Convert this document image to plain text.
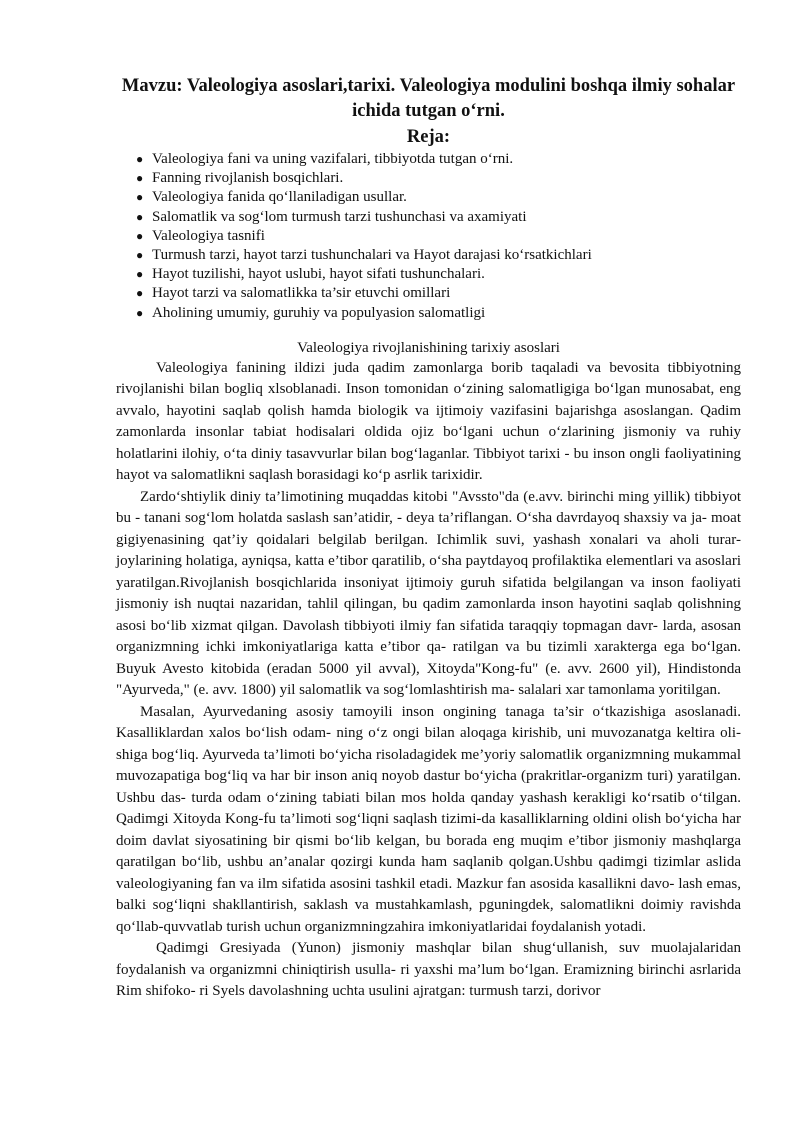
Mavzu: Valeologiya asoslari,tarixi. Valeologiya modulini boshqa ilmiy sohalar ichida tutgan o‘rni.
Reja:
● Valeologiya fani va uning vazifalari, tibbiyotda tutgan o‘rni.
● Fanning rivojlanish bosqichlari.
● Valeologiya fanida qo‘llaniladigan usullar.
● Salomatlik va sog‘lom turmush tarzi tushunchasi va axamiyati
● Valeologiya tasnifi
● Turmush tarzi, hayot tarzi tushunchalari va Hayot darajasi ko‘rsatkichlari
● Hayot tuzilishi, hayot uslubi, hayot sifati tushunchalari.
● Hayot tarzi va salomatlikka ta’sir etuvchi omillari
● Aholining umumiy, guruhiy va populyasion salomatligi
Valeologiya rivojlanishining tarixiy asoslari

Valeologiya fanining ildizi juda qadim zamonlarga borib taqaladi va bevosita tibbiyotning rivojlanishi bilan bogliq xlsoblanadi. Inson tomonidan o‘zining salomatligiga bo‘lgan munosabat, eng avvalo, hayotini saqlab qolish hamda biologik va ijtimoiy vazifasini bajarishga asoslangan. Qadim zamonlarda insonlar tabiat hodisalari oldida ojiz bo‘lgani uchun o‘zlarining jismoniy va ruhiy holatlarini ilohiy, o‘ta diniy tasavvurlar bilan bog‘laganlar. Tibbiyot tarixi - bu inson ongli faoliyatining hayot va salomatlikni saqlash borasidagi ko‘p asrlik tarixidir.

Zardo‘shtiylik diniy ta’limotining muqaddas kitobi "Avssto"da (e.avv. birinchi ming yillik) tibbiyot bu - tanani sog‘lom holatda saslash san’atidir, - deya ta’riflangan. O‘sha davrdayoq shaxsiy va ja- moat gigiyenasining qat’iy qoidalari belgilab berilgan. Ichimlik suvi, yashash xonalari va aholi turar-joylarining holatiga, ayniqsa, katta e’tibor qaratilib, o‘sha paytdayoq profilaktika elementlari va asoslari yaratilgan.Rivojlanish bosqichlarida insoniyat ijtimoiy guruh sifatida belgilangan va inson faoliyati jismoniy ish nuqtai nazaridan, tahlil qilingan, bu qadim zamonlarda inson hayotini saqlab qolishning asosi bo‘lib xizmat qilgan. Davolash tibbiyoti ilmiy fan sifatida taraqqiy topmagan davr- larda, asosan organizmning ichki imkoniyatlariga katta e’tibor qa- ratilgan va bu tizimli xarakterga ega bo‘lgan. Buyuk Avesto kitobida (eradan 5000 yil avval), Xitoyda"Kong-fu" (e. avv. 2600 yil), Hindistonda "Ayurveda," (e. avv. 1800) yil salomatlik va sog‘lomlashtirish ma- salalari xar tamonlama yoritilgan.

Masalan, Ayurvedaning asosiy tamoyili inson ongining tanaga ta’sir o‘tkazishiga asoslanadi. Kasalliklardan xalos bo‘lish odam- ning o‘z ongi bilan aloqaga kirishib, uni muvozanatga keltira oli- shiga bog‘liq. Ayurveda ta’limoti bo‘yicha risoladagidek me’yoriy salomatlik organizmning mukammal muvozapatiga bog‘liq va har bir inson aniq noyob dastur bo‘yicha (prakritlar-organizm turi) yaratilgan. Ushbu das- turda odam o‘zining tabiati bilan mos holda qanday yashash kerakligi ko‘rsatib o‘tilgan. Qadimgi Xitoyda Kong-fu ta’limoti sog‘liqni saqlash tizimi-da kasalliklarning oldini olish bo‘yicha har doim davlat siyosatining bir qismi bo‘lib kelgan, bu borada eng muqim e’tibor jismoniy mashqlarga qaratilgan bo‘lib, ushbu an’analar qozirgi kunda ham saqlanib qolgan.Ushbu qadimgi tizimlar aslida valeologiyaning fan va ilm sifatida asosini tashkil etadi. Mazkur fan asosida kasallikni davo- lash emas, balki sog‘liqni shakllantirish, saklash va mustahkamlash, pguningdek, salomatlikni doimiy ravishda qo‘llab-quvvatlab turish uchun organizmningzahira imkoniyatlaridai foydalanish yotadi.

Qadimgi Gresiyada (Yunon) jismoniy mashqlar bilan shug‘ullanish, suv muolajalaridan foydalanish va organizmni chiniqtirish usulla- ri yaxshi ma’lum bo‘lgan. Eramizning birinchi asrlarida Rim shifoko- ri Syels davolashning uchta usulini ajratgan: turmush tarzi, dorivor
